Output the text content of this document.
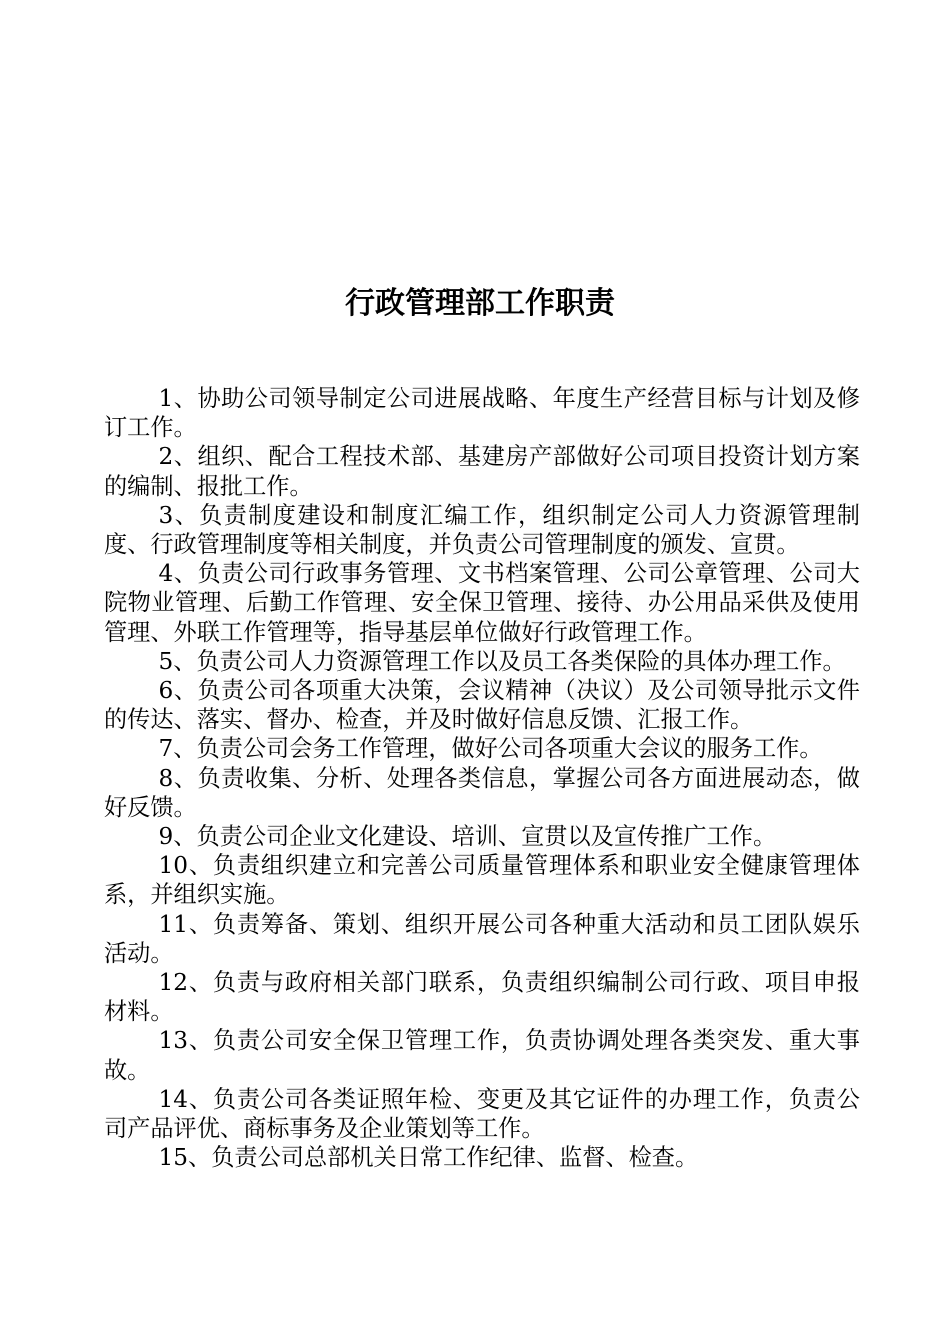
行政管理部工作职责

1、协助公司领导制定公司进展战略、年度生产经营目标与计划及修订工作。

2、组织、配合工程技术部、基建房产部做好公司项目投资计划方案的编制、报批工作。

3、负责制度建设和制度汇编工作，组织制定公司人力资源管理制度、行政管理制度等相关制度，并负责公司管理制度的颁发、宣贯。

4、负责公司行政事务管理、文书档案管理、公司公章管理、公司大院物业管理、后勤工作管理、安全保卫管理、接待、办公用品采供及使用管理、外联工作管理等，指导基层单位做好行政管理工作。

5、负责公司人力资源管理工作以及员工各类保险的具体办理工作。

6、负责公司各项重大决策，会议精神（决议）及公司领导批示文件的传达、落实、督办、检查，并及时做好信息反馈、汇报工作。

7、负责公司会务工作管理，做好公司各项重大会议的服务工作。

8、负责收集、分析、处理各类信息，掌握公司各方面进展动态，做好反馈。

9、负责公司企业文化建设、培训、宣贯以及宣传推广工作。

10、负责组织建立和完善公司质量管理体系和职业安全健康管理体系，并组织实施。

11、负责筹备、策划、组织开展公司各种重大活动和员工团队娱乐活动。

12、负责与政府相关部门联系，负责组织编制公司行政、项目申报材料。

13、负责公司安全保卫管理工作，负责协调处理各类突发、重大事故。

14、负责公司各类证照年检、变更及其它证件的办理工作，负责公司产品评优、商标事务及企业策划等工作。

15、负责公司总部机关日常工作纪律、监督、检查。
